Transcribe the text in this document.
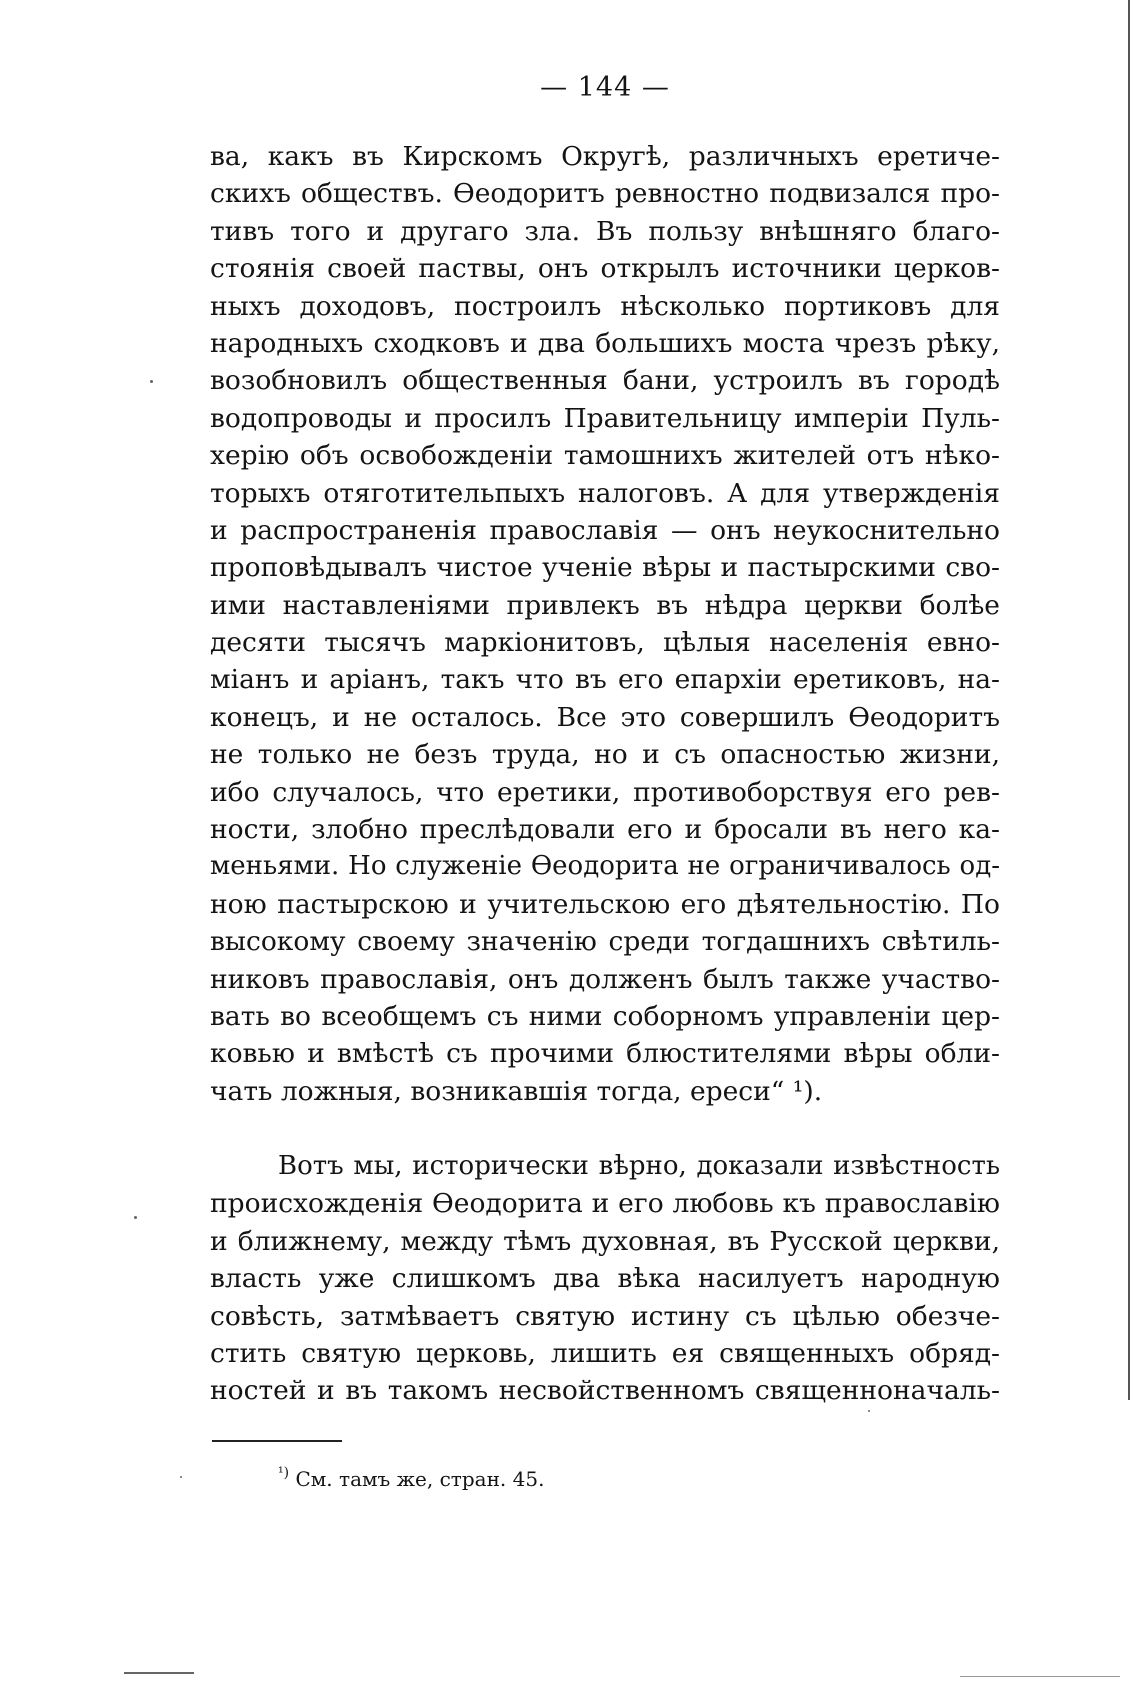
— 144 —
ва, какъ въ Кирскомъ Округѣ, различныхъ еретиче-
скихъ обществъ. Ѳеодоритъ ревностно подвизался про-
тивъ того и другаго зла. Въ пользу внѣшняго благо-
стоянія своей паствы, онъ открылъ источники церков-
ныхъ доходовъ, построилъ нѣсколько портиковъ для
народныхъ сходковъ и два большихъ моста чрезъ рѣку,
возобновилъ общественныя бани, устроилъ въ городѣ
водопроводы и просилъ Правительницу имперіи Пуль-
херію объ освобожденіи тамошнихъ жителей отъ нѣко-
торыхъ отяготительпыхъ налоговъ. А для утвержденія
и распространенія православія — онъ неукоснительно
проповѣдывалъ чистое ученіе вѣры и пастырскими сво-
ими наставленіями привлекъ въ нѣдра церкви болѣе
десяти тысячъ маркіонитовъ, цѣлыя населенія евно-
міанъ и аріанъ, такъ что въ его епархіи еретиковъ, на-
конецъ, и не осталось. Все это совершилъ Ѳеодоритъ
не только не безъ труда, но и съ опасностью жизни,
ибо случалось, что еретики, противоборствуя его рев-
ности, злобно преслѣдовали его и бросали въ него ка-
меньями. Но служеніе Ѳеодорита не ограничивалось од-
ною пастырскою и учительскою его дѣятельностію. По
высокому своему значенію среди тогдашнихъ свѣтиль-
никовъ православія, онъ долженъ былъ также участво-
вать во всеобщемъ съ ними соборномъ управленіи цер-
ковью и вмѣстѣ съ прочими блюстителями вѣры обли-
чать ложныя, возникавшія тогда, ереси“ ¹).
Вотъ мы, исторически вѣрно, доказали извѣстность
происхожденія Ѳеодорита и его любовь къ православію
и ближнему, между тѣмъ духовная, въ Русской церкви,
власть уже слишкомъ два вѣка насилуетъ народную
совѣсть, затмѣваетъ святую истину съ цѣлью обезче-
стить святую церковь, лишить ея священныхъ обряд-
ностей и въ такомъ несвойственномъ священноначаль-
$^{^1)}$ См. тамъ же, стран. 45.
